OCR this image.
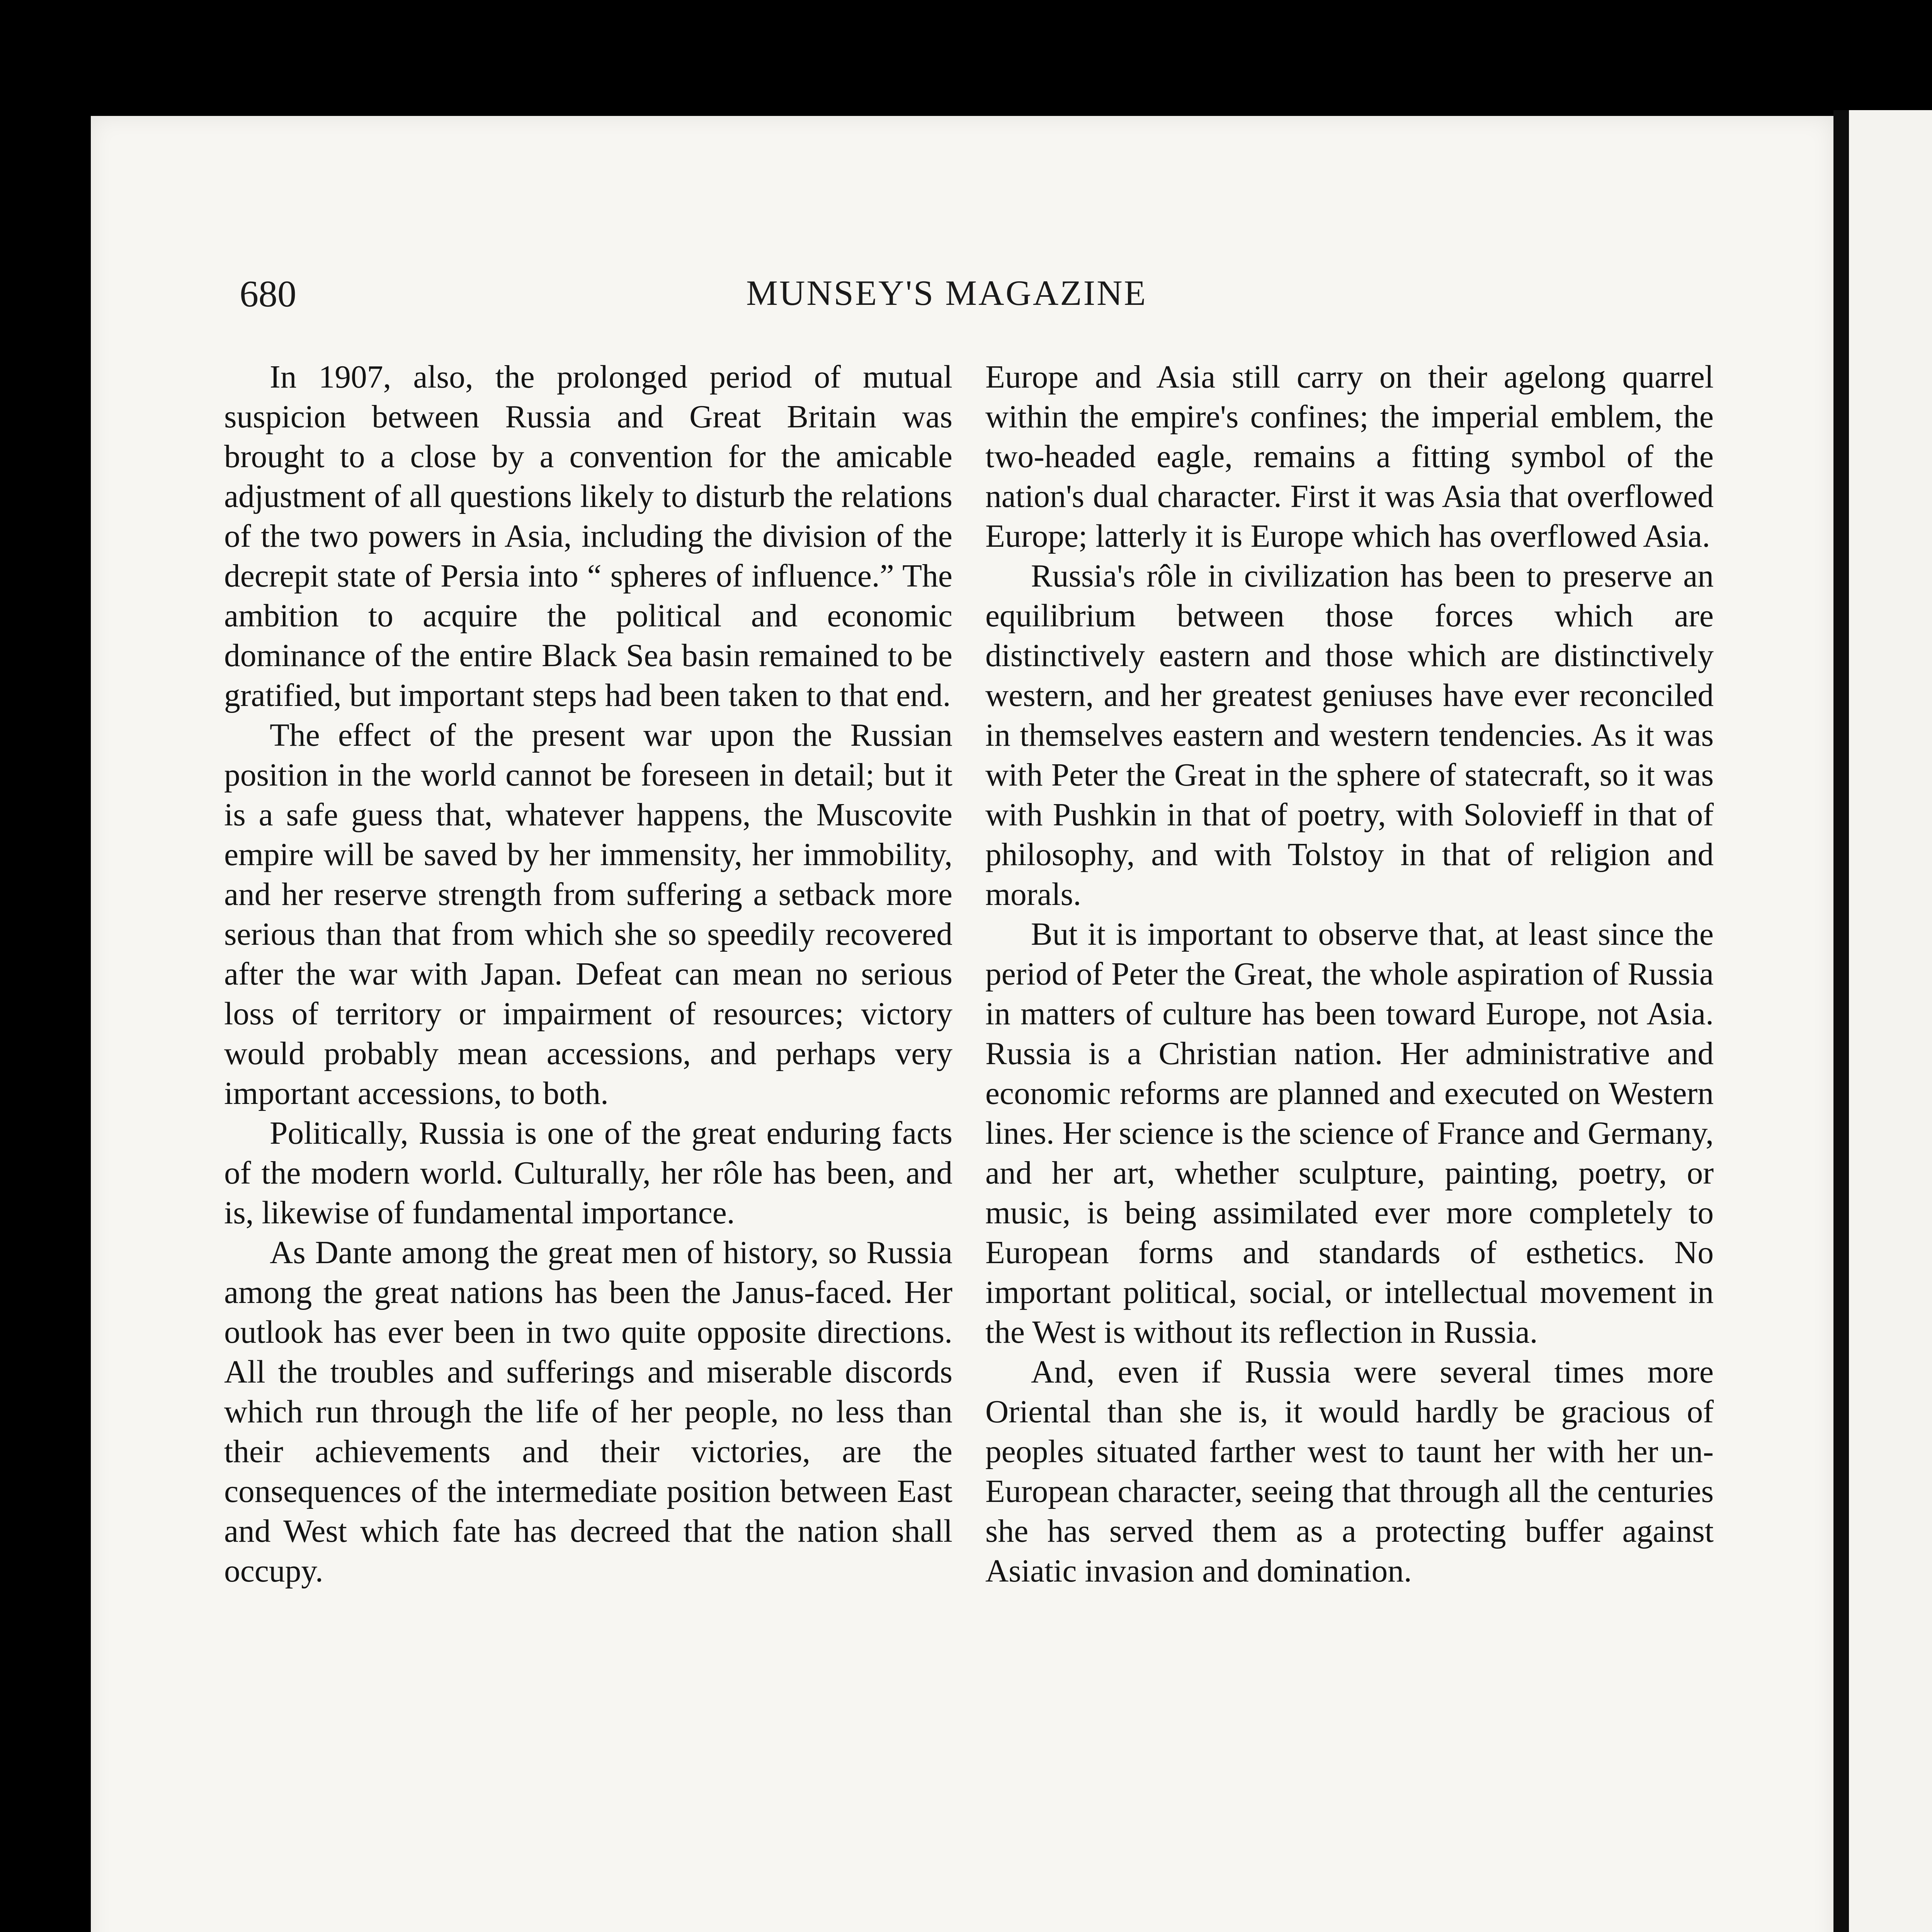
680	MUNSEY'S MAGAZINE

In 1907, also, the prolonged period of mutual suspicion between Russia and Great Britain was brought to a close by a convention for the amicable adjustment of all questions likely to disturb the relations of the two powers in Asia, including the division of the decrepit state of Persia into “ spheres of influence.” The ambition to acquire the political and economic dominance of the entire Black Sea basin remained to be gratified, but important steps had been taken to that end.

The effect of the present war upon the Russian position in the world cannot be foreseen in detail; but it is a safe guess that, whatever happens, the Muscovite empire will be saved by her immensity, her immobility, and her reserve strength from suffering a setback more serious than that from which she so speedily recovered after the war with Japan. Defeat can mean no serious loss of territory or impairment of resources; victory would probably mean accessions, and perhaps very important accessions, to both.

Politically, Russia is one of the great enduring facts of the modern world. Culturally, her rôle has been, and is, likewise of fundamental importance.

As Dante among the great men of history, so Russia among the great nations has been the Janus-faced. Her outlook has ever been in two quite opposite directions. All the troubles and sufferings and miserable discords which run through the life of her people, no less than their achievements and their victories, are the consequences of the intermediate position between East and West which fate has decreed that the nation shall occupy.

Europe and Asia still carry on their agelong quarrel within the empire's confines; the imperial emblem, the two-headed eagle, remains a fitting symbol of the nation's dual character. First it was Asia that overflowed Europe; latterly it is Europe which has overflowed Asia.

Russia's rôle in civilization has been to preserve an equilibrium between those forces which are distinctively eastern and those which are distinctively western, and her greatest geniuses have ever reconciled in themselves eastern and western tendencies. As it was with Peter the Great in the sphere of statecraft, so it was with Pushkin in that of poetry, with Solovieff in that of philosophy, and with Tolstoy in that of religion and morals.

But it is important to observe that, at least since the period of Peter the Great, the whole aspiration of Russia in matters of culture has been toward Europe, not Asia. Russia is a Christian nation. Her administrative and economic reforms are planned and executed on Western lines. Her science is the science of France and Germany, and her art, whether sculpture, painting, poetry, or music, is being assimilated ever more completely to European forms and standards of esthetics. No important political, social, or intellectual movement in the West is without its reflection in Russia.

And, even if Russia were several times more Oriental than she is, it would hardly be gracious of peoples situated farther west to taunt her with her un-European character, seeing that through all the centuries she has served them as a protecting buffer against Asiatic invasion and domination.
